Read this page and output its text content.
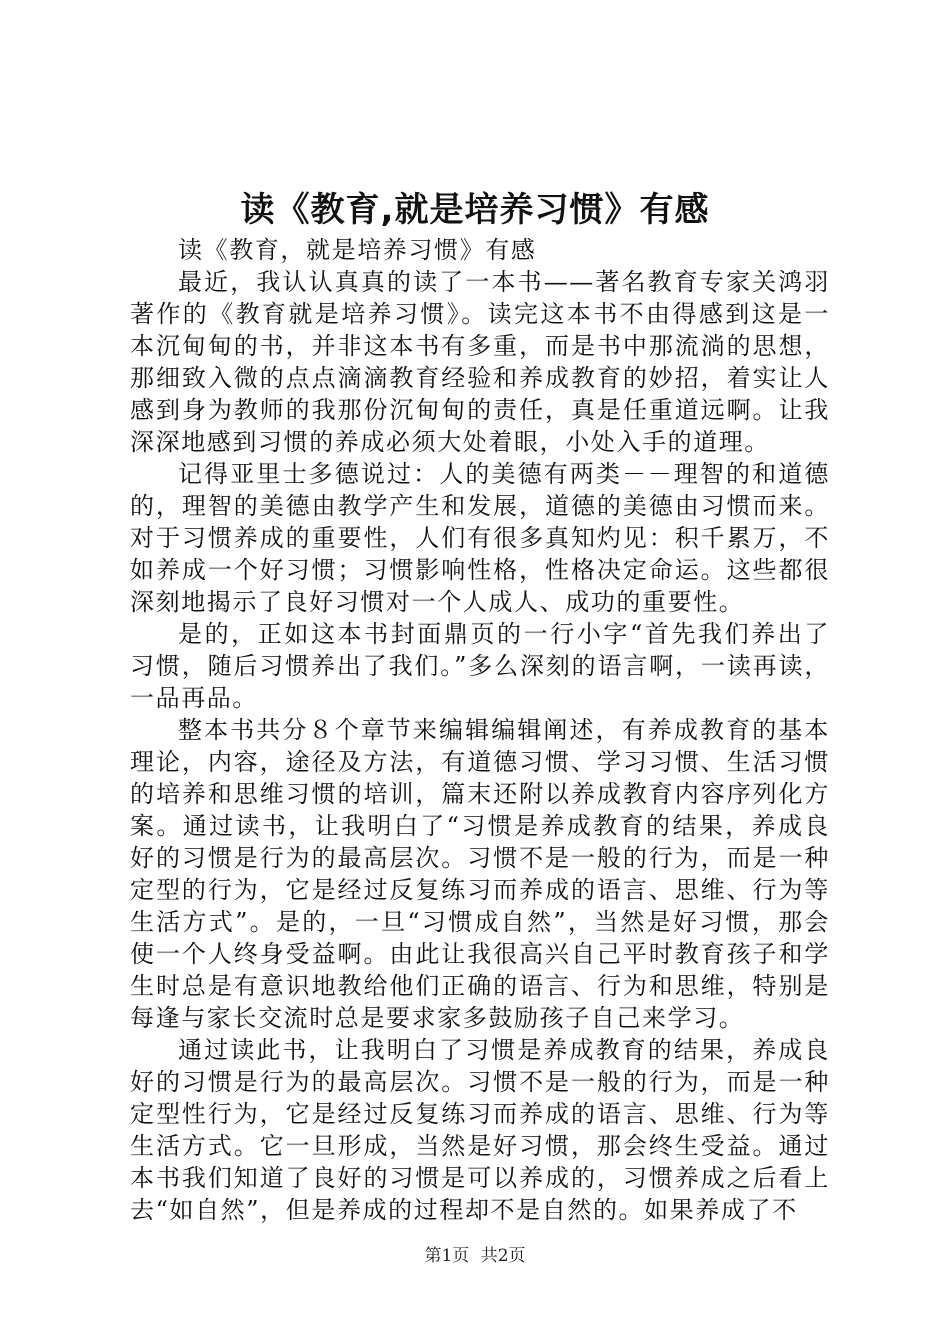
读《教育,就是培养习惯》有感

读《教育，就是培养习惯》有感

最近，我认认真真的读了一本书——著名教育专家关鸿羽著作的《教育就是培养习惯》。读完这本书不由得感到这是一本沉甸甸的书，并非这本书有多重，而是书中那流淌的思想，那细致入微的点点滴滴教育经验和养成教育的妙招，着实让人感到身为教师的我那份沉甸甸的责任，真是任重道远啊。让我深深地感到习惯的养成必须大处着眼，小处入手的道理。

记得亚里士多德说过：人的美德有两类－－理智的和道德的，理智的美德由教学产生和发展，道德的美德由习惯而来。对于习惯养成的重要性，人们有很多真知灼见：积千累万，不如养成一个好习惯；习惯影响性格，性格决定命运。这些都很深刻地揭示了良好习惯对一个人成人、成功的重要性。

是的，正如这本书封面鼎页的一行小字“首先我们养出了习惯，随后习惯养出了我们。”多么深刻的语言啊，一读再读，一品再品。

整本书共分８个章节来编辑编辑阐述，有养成教育的基本理论，内容，途径及方法，有道德习惯、学习习惯、生活习惯的培养和思维习惯的培训，篇末还附以养成教育内容序列化方案。通过读书，让我明白了“习惯是养成教育的结果，养成良好的习惯是行为的最高层次。习惯不是一般的行为，而是一种定型的行为，它是经过反复练习而养成的语言、思维、行为等生活方式”。是的，一旦“习惯成自然”，当然是好习惯，那会使一个人终身受益啊。由此让我很高兴自己平时教育孩子和学生时总是有意识地教给他们正确的语言、行为和思维，特别是每逢与家长交流时总是要求家多鼓励孩子自己来学习。

通过读此书，让我明白了习惯是养成教育的结果，养成良好的习惯是行为的最高层次。习惯不是一般的行为，而是一种定型性行为，它是经过反复练习而养成的语言、思维、行为等生活方式。它一旦形成，当然是好习惯，那会终生受益。通过本书我们知道了良好的习惯是可以养成的，习惯养成之后看上去“如自然”，但是养成的过程却不是自然的。如果养成了不

第1页 共2页
